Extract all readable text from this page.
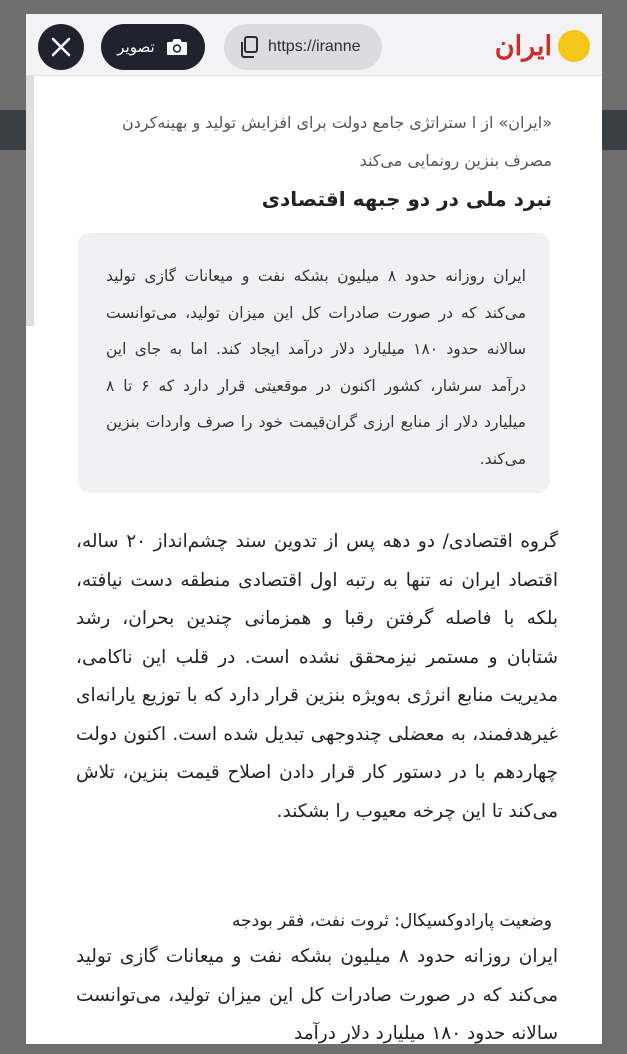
تصویر	https://iranne	ایران

«ایران» از ا ستراتژی جامع دولت برای افزایش تولید و بهینه‌کردن مصرف بنزین رونمایی می‌کند

نبرد ملی در دو جبهه اقتصادی

ایران روزانه حدود ۸ میلیون بشکه نفت و میعانات گازی تولید می‌کند که در صورت صادرات کل این میزان تولید، می‌توانست سالانه حدود ۱۸۰ میلیارد دلار درآمد ایجاد کند. اما به جای این درآمد سرشار، کشور اکنون در موقعیتی قرار دارد که ۶ تا ۸ میلیارد دلار از منابع ارزی گران‌قیمت خود را صرف واردات بنزین می‌کند.

گروه اقتصادی/ دو دهه پس از تدوین سند چشم‌انداز ۲۰ ساله، اقتصاد ایران نه تنها به رتبه اول اقتصادی منطقه دست نیافته، بلکه با فاصله گرفتن رقبا و همزمانی چندین بحران، رشد شتابان و مستمر نیزمحقق نشده است. در قلب این ناکامی، مدیریت منابع انرژی به‌ویژه بنزین قرار دارد که با توزیع یارانه‌ای غیرهدفمند، به معضلی چندوجهی تبدیل شده است. اکنون دولت چهاردهم با در دستور کار قرار دادن اصلاح قیمت بنزین، تلاش می‌کند تا این چرخه معیوب را بشکند.

وضعیت پارادوکسیکال: ثروت نفت، فقر بودجه

ایران روزانه حدود ۸ میلیون بشکه نفت و میعانات گازی تولید می‌کند که در صورت صادرات کل این میزان تولید، می‌توانست سالانه حدود ۱۸۰ میلیارد دلار درآمد
